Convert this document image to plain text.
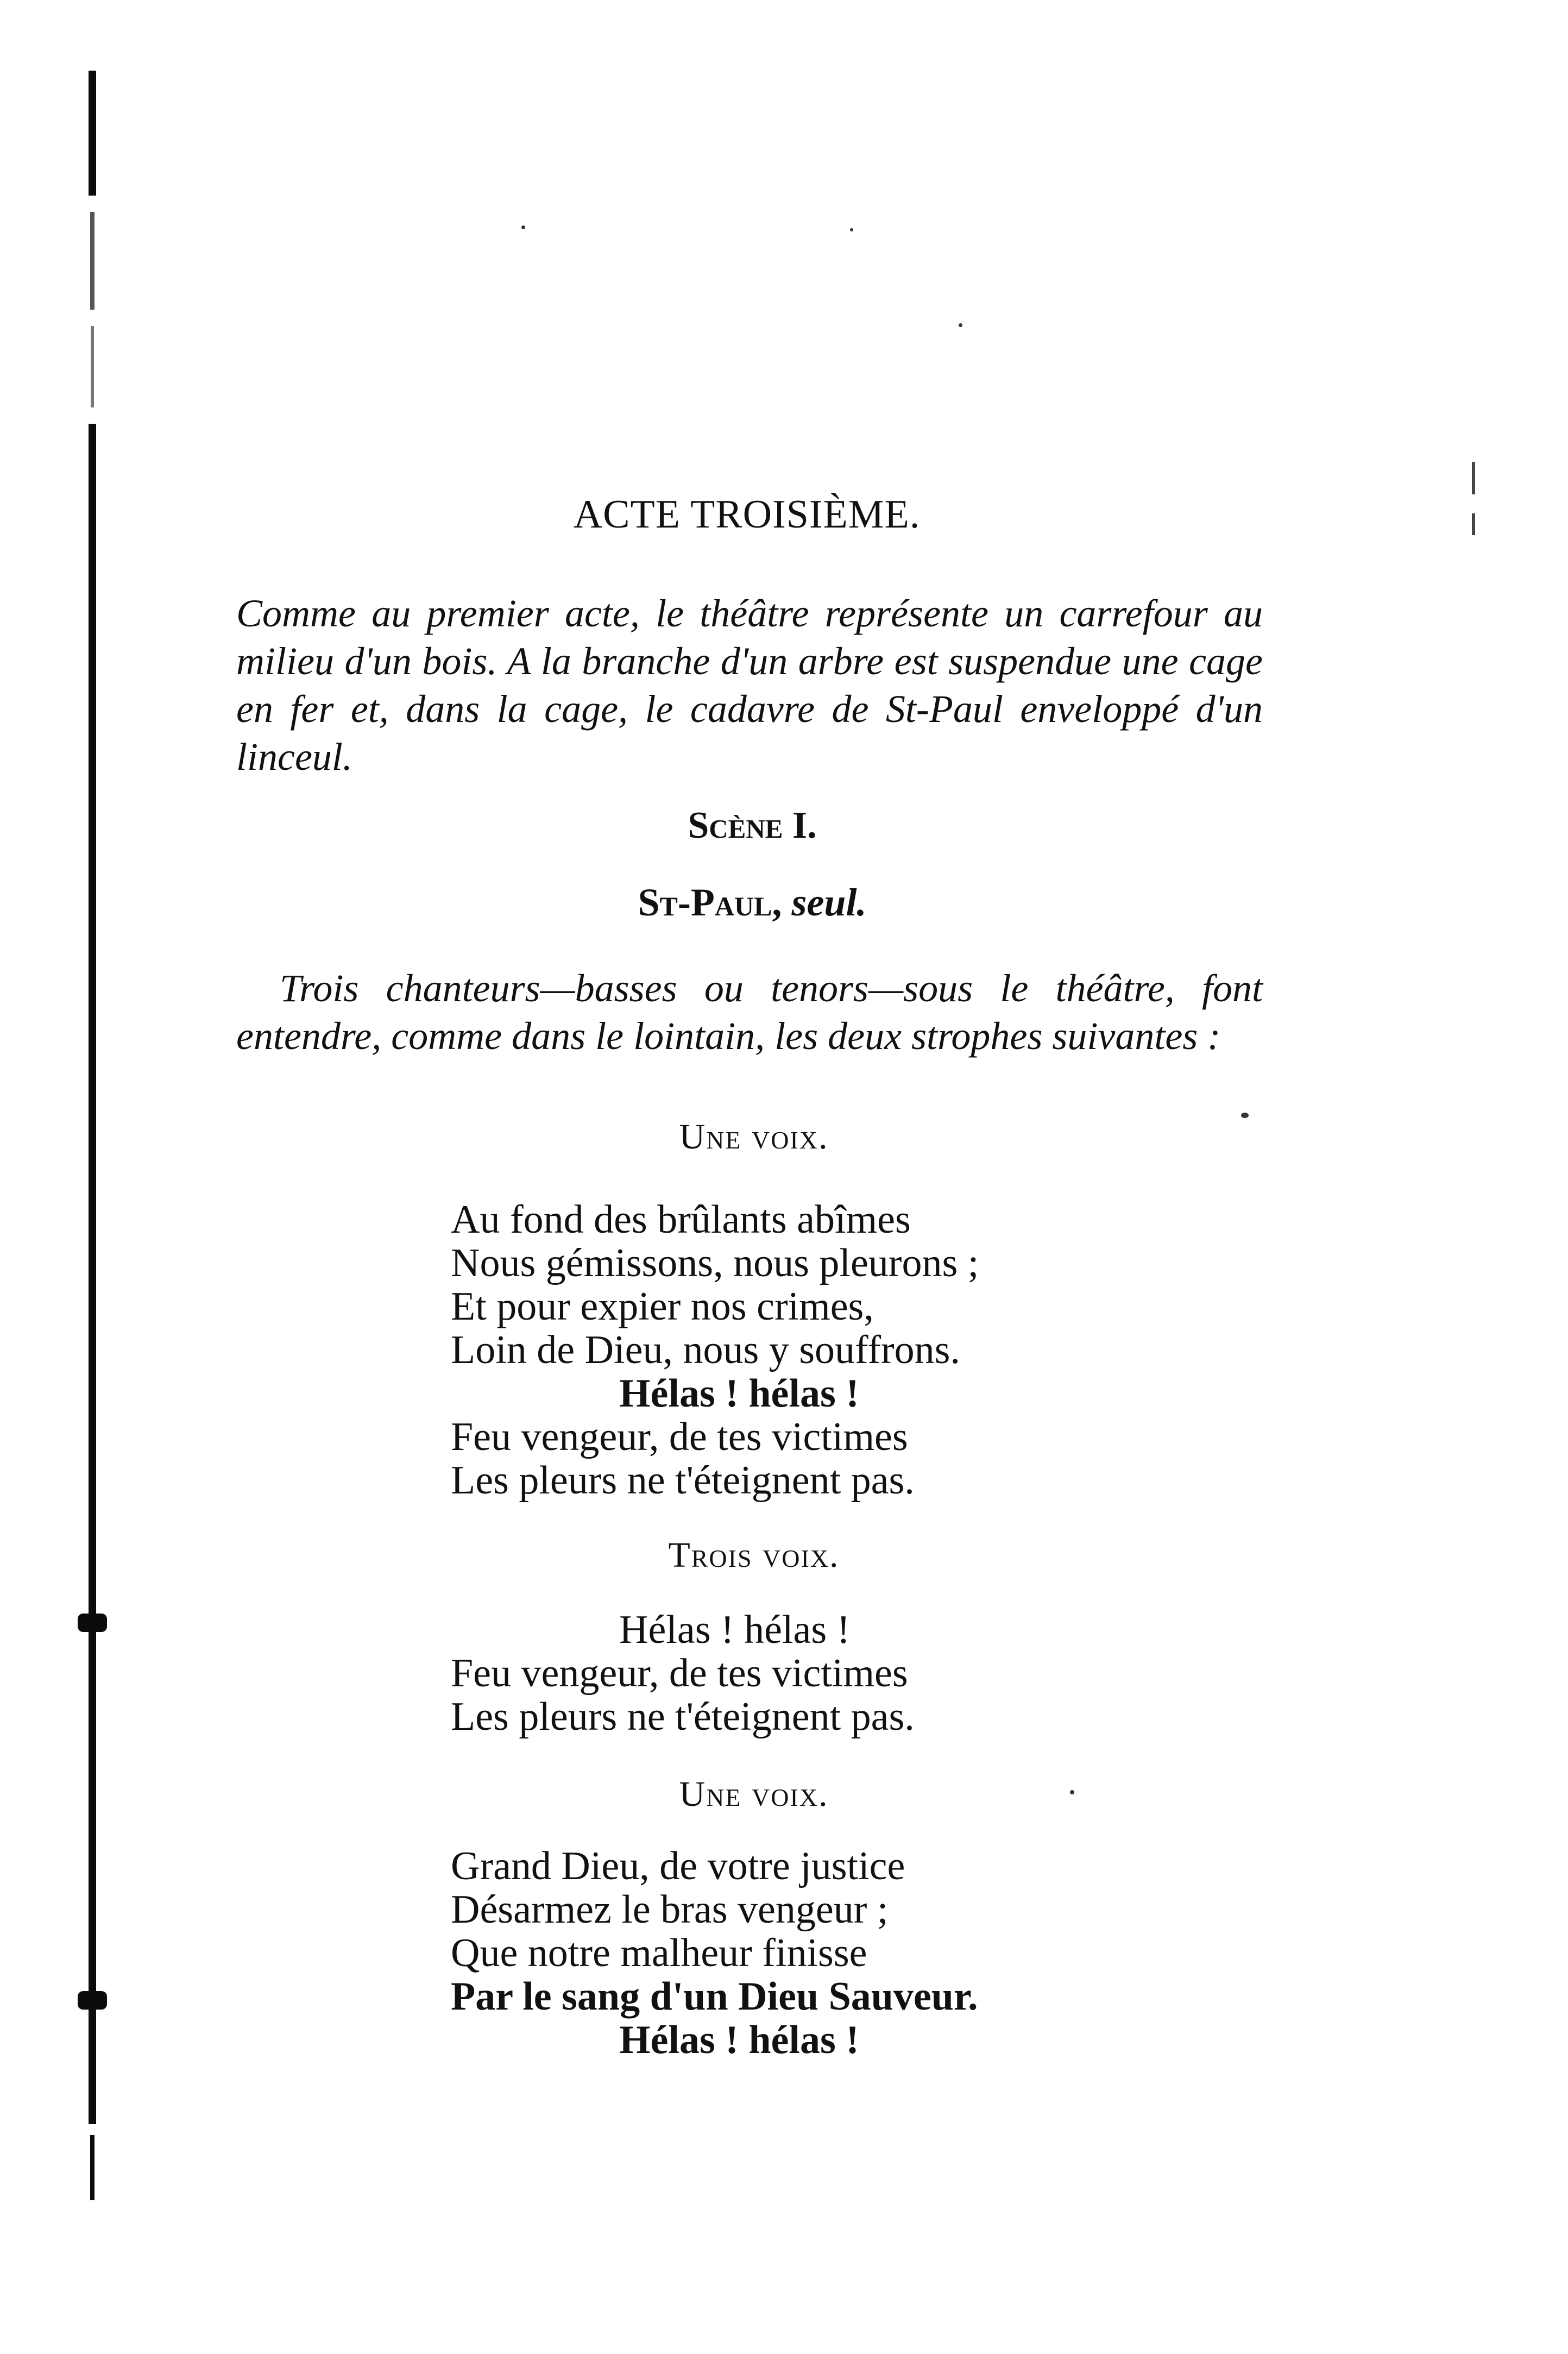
ACTE TROISIÈME.
Comme au premier acte, le théâtre représente un carrefour au milieu d'un bois. A la branche d'un arbre est suspendue une cage en fer et, dans la cage, le cadavre de St-Paul enveloppé d'un linceul.
Scène I.
St-Paul, seul.
Trois chanteurs—basses ou tenors—sous le théâtre, font entendre, comme dans le lointain, les deux strophes suivantes :
Une voix.
Au fond des brûlants abîmes
Nous gémissons, nous pleurons ;
Et pour expier nos crimes,
Loin de Dieu, nous y souffrons.
Hélas ! hélas !
Feu vengeur, de tes victimes
Les pleurs ne t'éteignent pas.
Trois voix.
Hélas ! hélas !
Feu vengeur, de tes victimes
Les pleurs ne t'éteignent pas.
Une voix.
Grand Dieu, de votre justice
Désarmez le bras vengeur ;
Que notre malheur finisse
Par le sang d'un Dieu Sauveur.
Hélas ! hélas !
